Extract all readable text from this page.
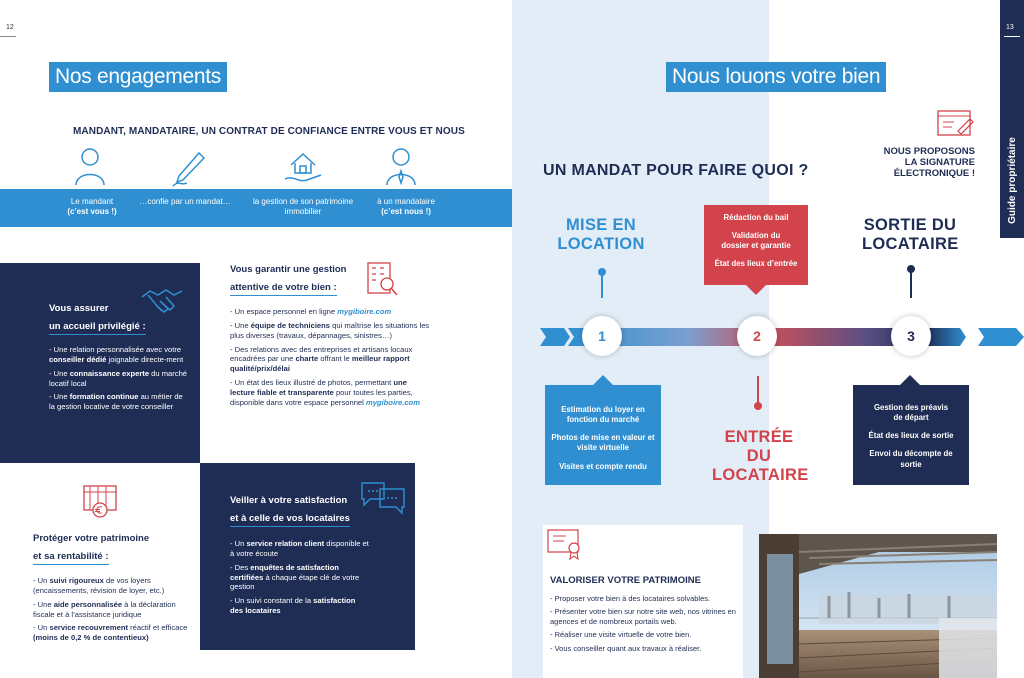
12
Nos engagements
MANDANT, MANDATAIRE, UN CONTRAT DE CONFIANCE ENTRE VOUS ET NOUS
Le mandant
(c’est vous !)
…confie par un mandat…	la gestion de son patrimoine
immobilier
à un mandataire
(c’est nous !)
Vous assurer
un accueil privilégié :
- Une relation personnalisée avec votre conseiller dédié joignable directe-ment
- Une connaissance experte du marché locatif local
- Une formation continue au métier de la gestion locative de votre conseiller
Vous garantir une gestion
attentive de votre bien :
- Un espace personnel en ligne mygiboire.com
- Une équipe de techniciens qui maîtrise les situations les plus diverses (travaux, dépannages, sinistres…)
- Des relations avec des entreprises et artisans locaux encadrées par une charte offrant le meilleur rapport qualité/prix/délai
- Un état des lieux illustré de photos, permettant une lecture fiable et transparente pour toutes les parties, disponible dans votre espace personnel mygiboire.com
Protéger votre patrimoine
et sa rentabilité :
- Un suivi rigoureux de vos loyers (encaissements, révision de loyer, etc.)
- Une aide personnalisée à la déclaration fiscale et à l’assistance juridique
- Un service recouvrement réactif et efficace (moins de 0,2 % de contentieux)
Veiller à votre satisfaction
et à celle de vos locataires
- Un service relation client disponible et à votre écoute
- Des enquêtes de satisfaction certifiées à chaque étape clé de votre gestion
- Un suivi constant de la satisfaction des locataires
13
Guide propriétaire
Nous louons votre bien
NOUS PROPOSONS
LA SIGNATURE
ÉLECTRONIQUE !
UN MANDAT POUR FAIRE QUOI ?
MISE EN
LOCATION

Rédaction du bail

Validation du dossier et garantie

État des lieux d’entrée

SORTIE DU
LOCATAIRE
1	2	3

Estimation du loyer en fonction du marché

Photos de mise en valeur et visite virtuelle

Visites et compte rendu

ENTRÉE DU
LOCATAIRE

Gestion des préavis de départ

État des lieux de sortie

Envoi du décompte de sortie

VALORISER VOTRE PATRIMOINE
- Proposer votre bien à des locataires solvables.
- Présenter votre bien sur notre site web, nos vitrines en agences et de nombreux portails web.
- Réaliser une visite virtuelle de votre bien.
- Vous conseiller quant aux travaux à réaliser.
